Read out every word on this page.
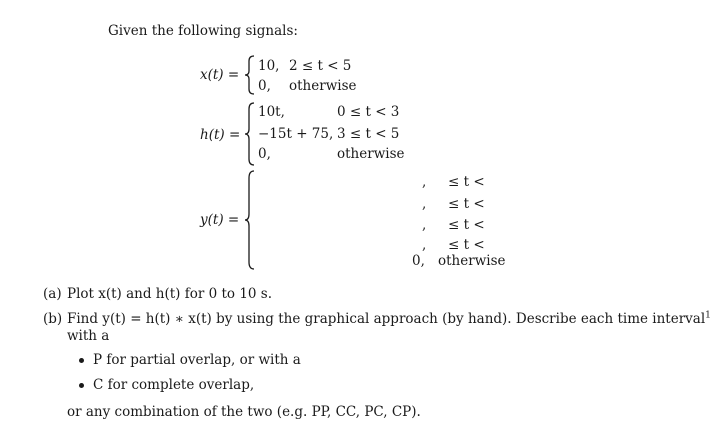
Given the following signals:
x(t) =
10, 2 ≤ t < 5
0, otherwise
h(t) =
10t,	0 ≤ t < 3
−15t + 75, 3 ≤ t < 5
0,	otherwise
y(t) =
, ≤ t <
, ≤ t <
, ≤ t <
, ≤ t <
0, otherwise
(a) Plot x(t) and h(t) for 0 to 10 s.
(b) Find y(t) = h(t) ∗ x(t) by using the graphical approach (by hand). Describe each time interval$^1$
with a
P for partial overlap, or with a
C for complete overlap,
or any combination of the two (e.g. PP, CC, PC, CP).
